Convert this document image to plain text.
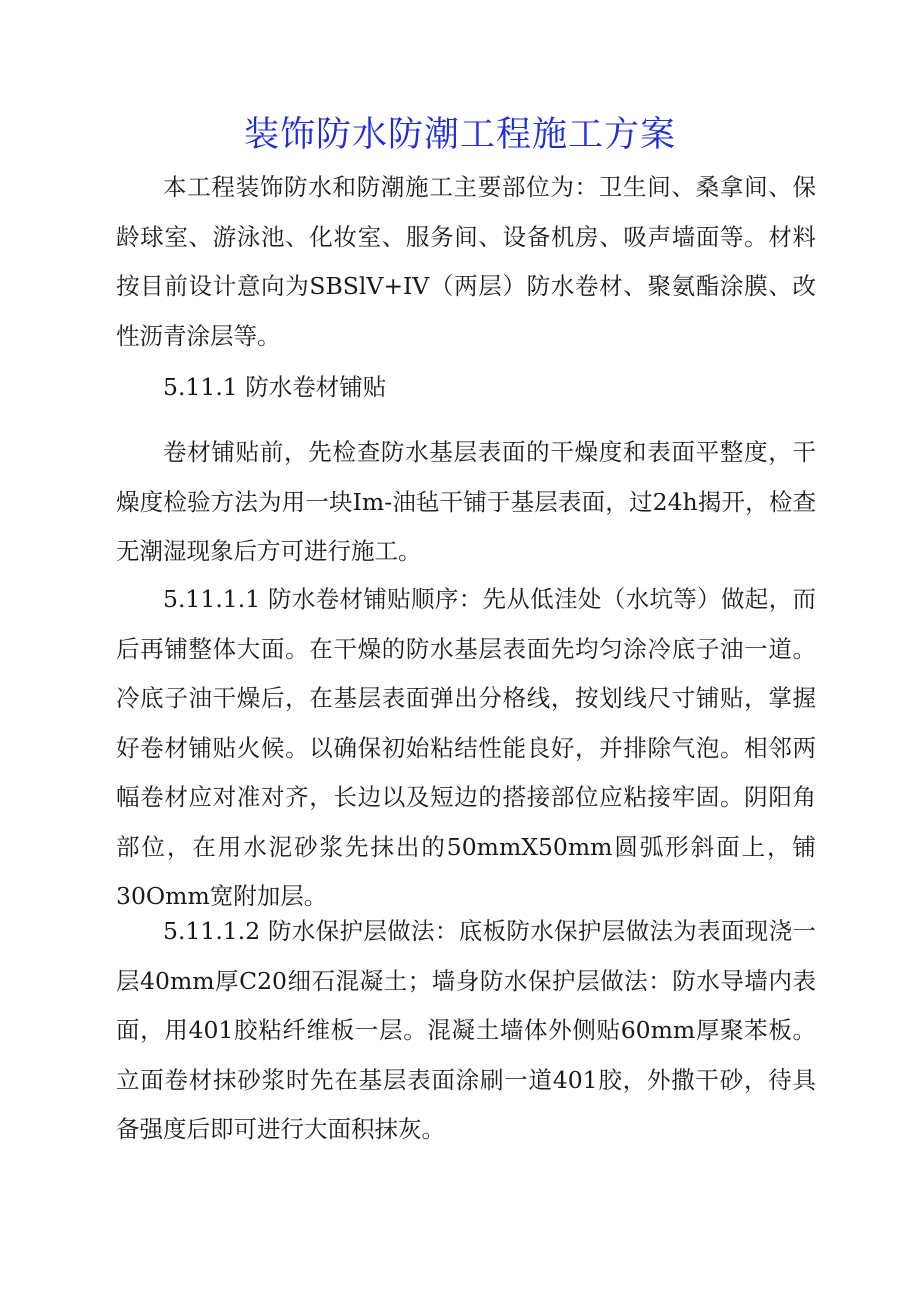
装饰防水防潮工程施工方案

本工程装饰防水和防潮施工主要部位为：卫生间、桑拿间、保龄球室、游泳池、化妆室、服务间、设备机房、吸声墙面等。材料按目前设计意向为SBSlV+IV（两层）防水卷材、聚氨酯涂膜、改性沥青涂层等。

5.11.1 防水卷材铺贴

卷材铺贴前，先检查防水基层表面的干燥度和表面平整度，干燥度检验方法为用一块Im-油毡干铺于基层表面，过24h揭开，检查无潮湿现象后方可进行施工。

5.11.1.1 防水卷材铺贴顺序：先从低洼处（水坑等）做起，而后再铺整体大面。在干燥的防水基层表面先均匀涂冷底子油一道。冷底子油干燥后，在基层表面弹出分格线，按划线尺寸铺贴，掌握好卷材铺贴火候。以确保初始粘结性能良好，并排除气泡。相邻两幅卷材应对准对齐，长边以及短边的搭接部位应粘接牢固。阴阳角部位，在用水泥砂浆先抹出的50mmX50mm圆弧形斜面上，铺30Omm宽附加层。

5.11.1.2 防水保护层做法：底板防水保护层做法为表面现浇一层40mm厚C20细石混凝土；墙身防水保护层做法：防水导墙内表面，用401胶粘纤维板一层。混凝土墙体外侧贴60mm厚聚苯板。立面卷材抹砂浆时先在基层表面涂刷一道401胶，外撒干砂，待具备强度后即可进行大面积抹灰。
